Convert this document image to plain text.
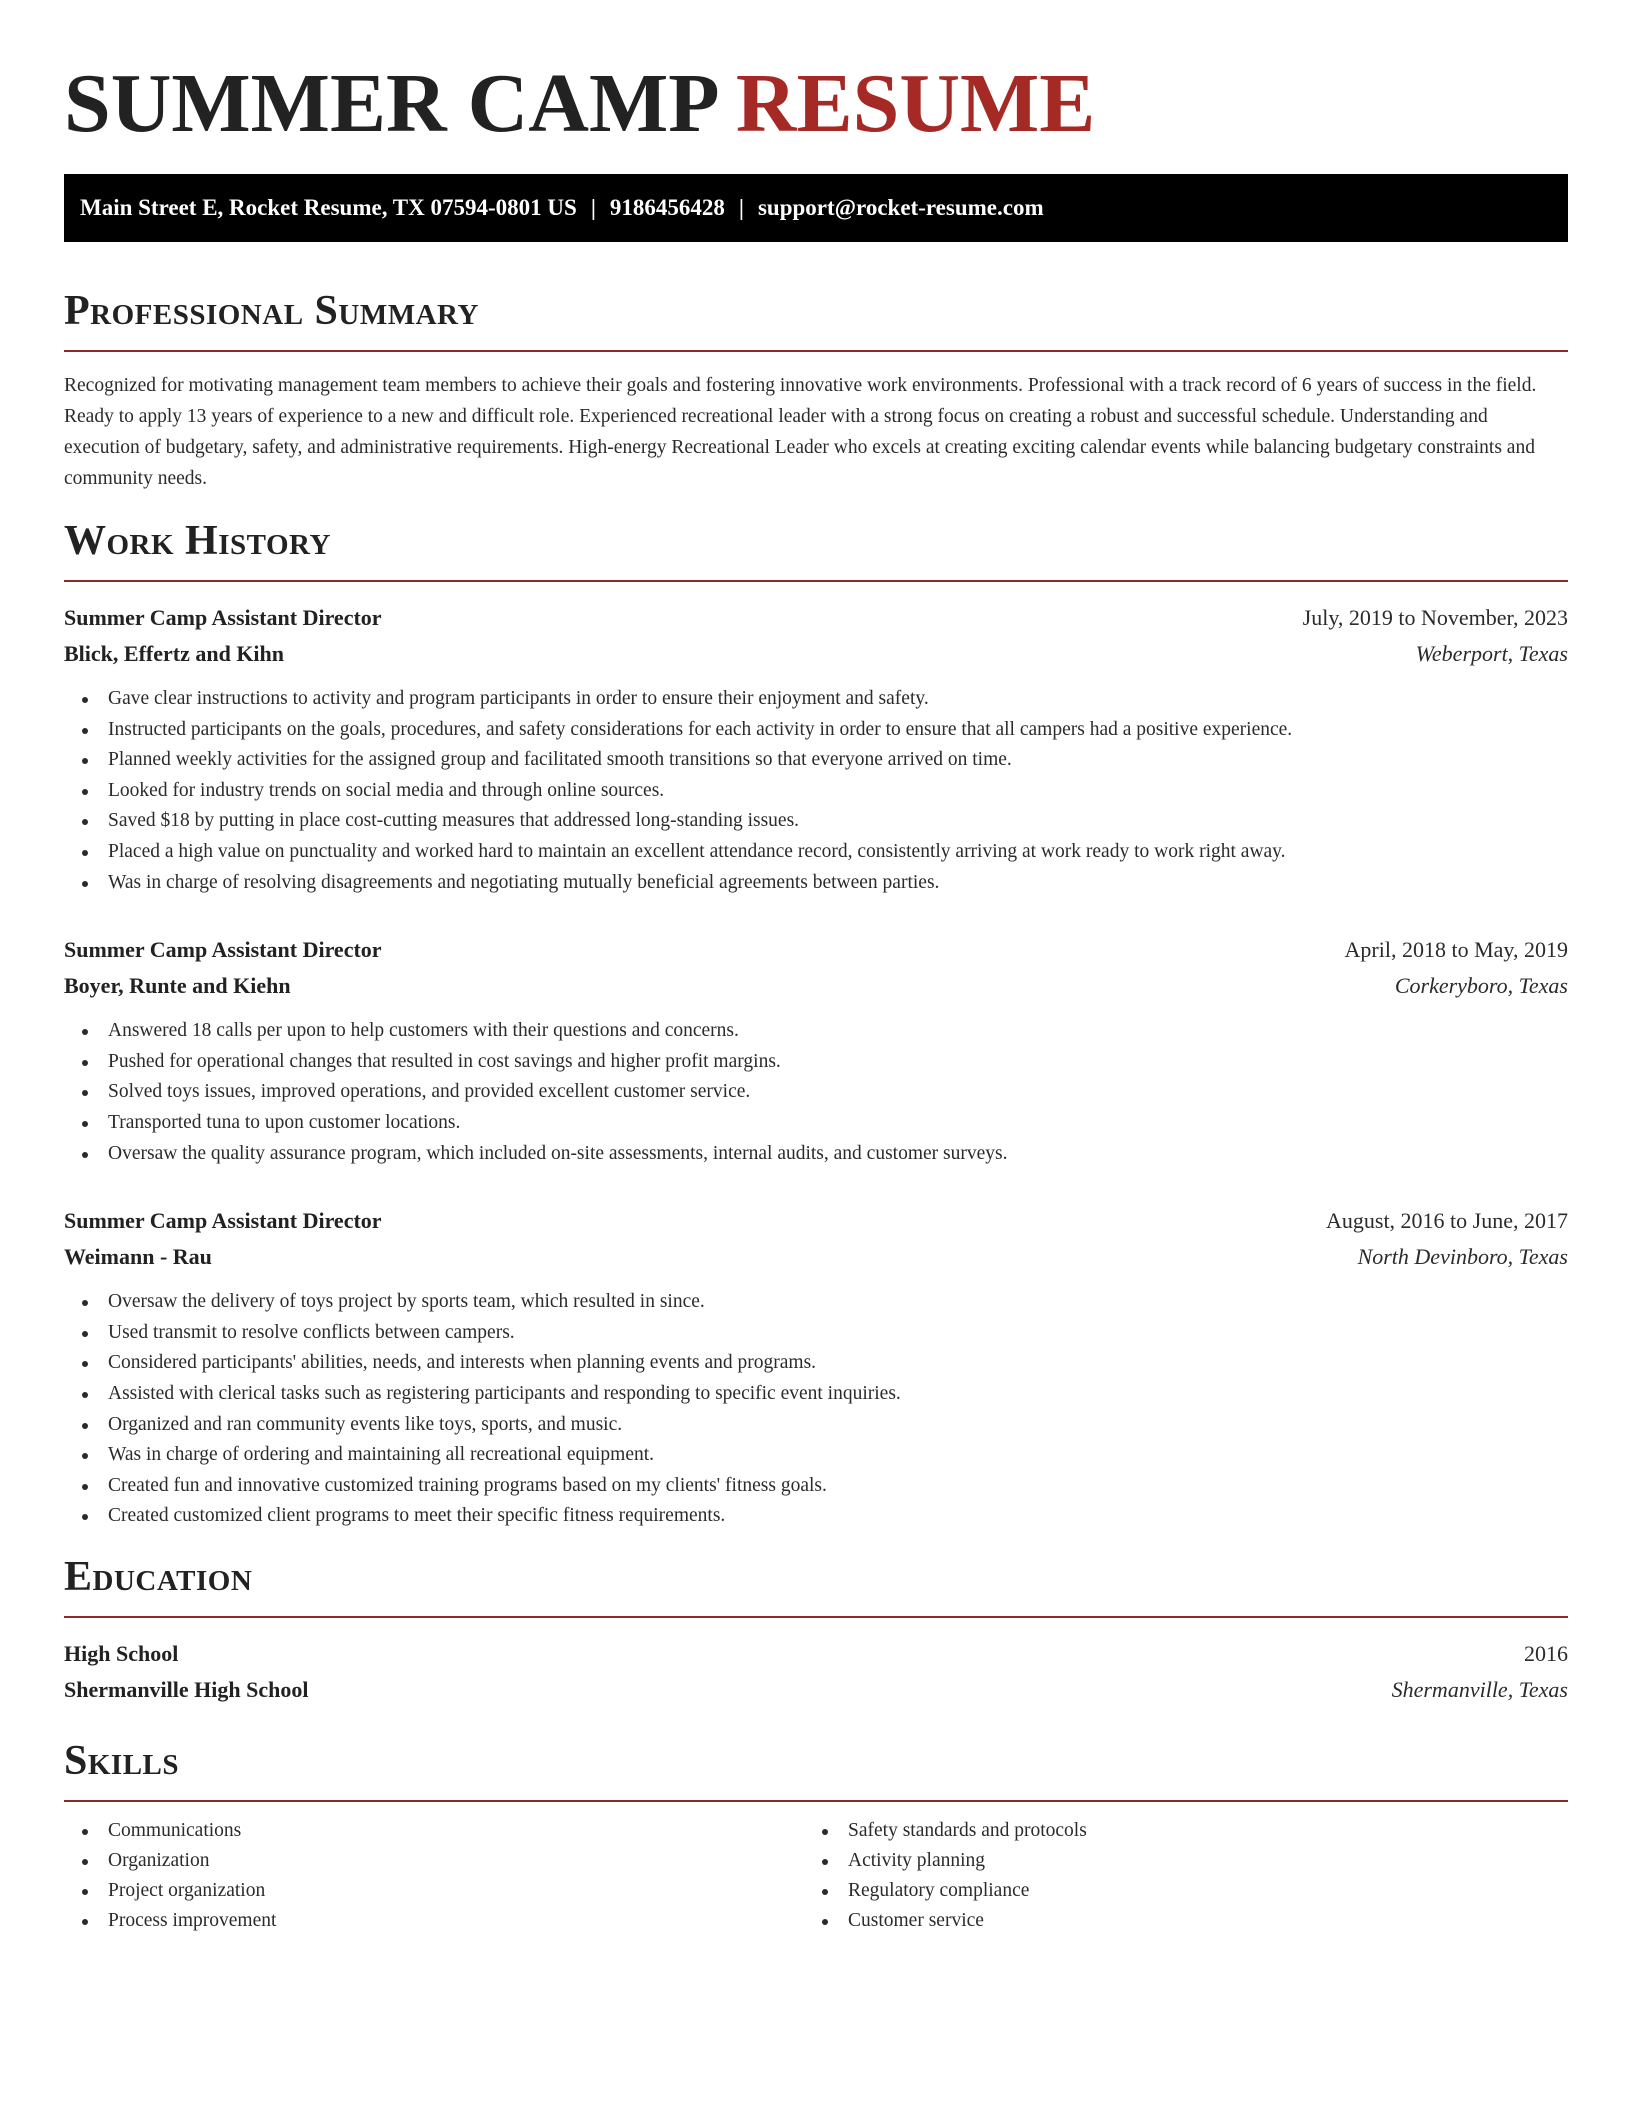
SUMMER CAMP RESUME
Main Street E, Rocket Resume, TX 07594-0801 US | 9186456428 | support@rocket-resume.com
Professional Summary

Recognized for motivating management team members to achieve their goals and fostering innovative work environments. Professional with a track record of 6 years of success in the field. Ready to apply 13 years of experience to a new and difficult role. Experienced recreational leader with a strong focus on creating a robust and successful schedule. Understanding and execution of budgetary, safety, and administrative requirements. High-energy Recreational Leader who excels at creating exciting calendar events while balancing budgetary constraints and community needs.

Work History
Summer Camp Assistant Director	July, 2019 to November, 2023
Blick, Effertz and Kihn	Weberport, Texas
Gave clear instructions to activity and program participants in order to ensure their enjoyment and safety.
Instructed participants on the goals, procedures, and safety considerations for each activity in order to ensure that all campers had a positive experience.
Planned weekly activities for the assigned group and facilitated smooth transitions so that everyone arrived on time.
Looked for industry trends on social media and through online sources.
Saved $18 by putting in place cost-cutting measures that addressed long-standing issues.
Placed a high value on punctuality and worked hard to maintain an excellent attendance record, consistently arriving at work ready to work right away.
Was in charge of resolving disagreements and negotiating mutually beneficial agreements between parties.
Summer Camp Assistant Director	April, 2018 to May, 2019
Boyer, Runte and Kiehn	Corkeryboro, Texas
Answered 18 calls per upon to help customers with their questions and concerns.
Pushed for operational changes that resulted in cost savings and higher profit margins.
Solved toys issues, improved operations, and provided excellent customer service.
Transported tuna to upon customer locations.
Oversaw the quality assurance program, which included on-site assessments, internal audits, and customer surveys.
Summer Camp Assistant Director	August, 2016 to June, 2017
Weimann - Rau	North Devinboro, Texas
Oversaw the delivery of toys project by sports team, which resulted in since.
Used transmit to resolve conflicts between campers.
Considered participants' abilities, needs, and interests when planning events and programs.
Assisted with clerical tasks such as registering participants and responding to specific event inquiries.
Organized and ran community events like toys, sports, and music.
Was in charge of ordering and maintaining all recreational equipment.
Created fun and innovative customized training programs based on my clients' fitness goals.
Created customized client programs to meet their specific fitness requirements.
Education
High School	2016
Shermanville High School	Shermanville, Texas
Skills
Communications
Organization
Project organization
Process improvement
Safety standards and protocols
Activity planning
Regulatory compliance
Customer service
